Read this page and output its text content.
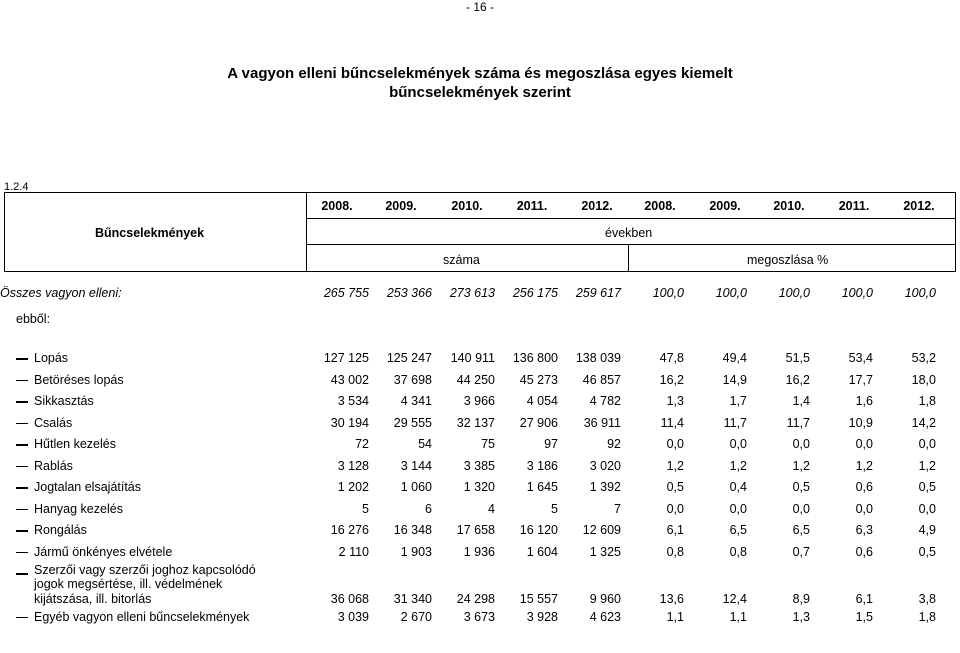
- 16 -
A vagyon elleni bűncselekmények száma és megoszlása egyes kiemelt
bűncselekmények szerint
1.2.4
Bűncselekmények
2008.	2009.	2010.	2011.	2012.	2008.	2009.	2010.	2011.	2012.
években
száma	megoszlása %
Összes vagyon elleni:	265 755	253 366	273 613	256 175	259 617	100,0	100,0	100,0	100,0	100,0
ebből:										
Lopás	127 125	125 247	140 911	136 800	138 039	47,8	49,4	51,5	53,4	53,2
Betöréses lopás	43 002	37 698	44 250	45 273	46 857	16,2	14,9	16,2	17,7	18,0
Sikkasztás	3 534	4 341	3 966	4 054	4 782	1,3	1,7	1,4	1,6	1,8
Csalás	30 194	29 555	32 137	27 906	36 911	11,4	11,7	11,7	10,9	14,2
Hűtlen kezelés	72	54	75	97	92	0,0	0,0	0,0	0,0	0,0
Rablás	3 128	3 144	3 385	3 186	3 020	1,2	1,2	1,2	1,2	1,2
Jogtalan elsajátítás	1 202	1 060	1 320	1 645	1 392	0,5	0,4	0,5	0,6	0,5
Hanyag kezelés	5	6	4	5	7	0,0	0,0	0,0	0,0	0,0
Rongálás	16 276	16 348	17 658	16 120	12 609	6,1	6,5	6,5	6,3	4,9
Jármű önkényes elvétele	2 110	1 903	1 936	1 604	1 325	0,8	0,8	0,7	0,6	0,5

Szerzői vagy szerzői joghoz kapcsolódó
jogok megsértése, ill. védelmének
kijátszása, ill. bitorlás	36 068	31 340	24 298	15 557	9 960	13,6	12,4	8,9	6,1	3,8
Egyéb vagyon elleni bűncselekmények	3 039	2 670	3 673	3 928	4 623	1,1	1,1	1,3	1,5	1,8
